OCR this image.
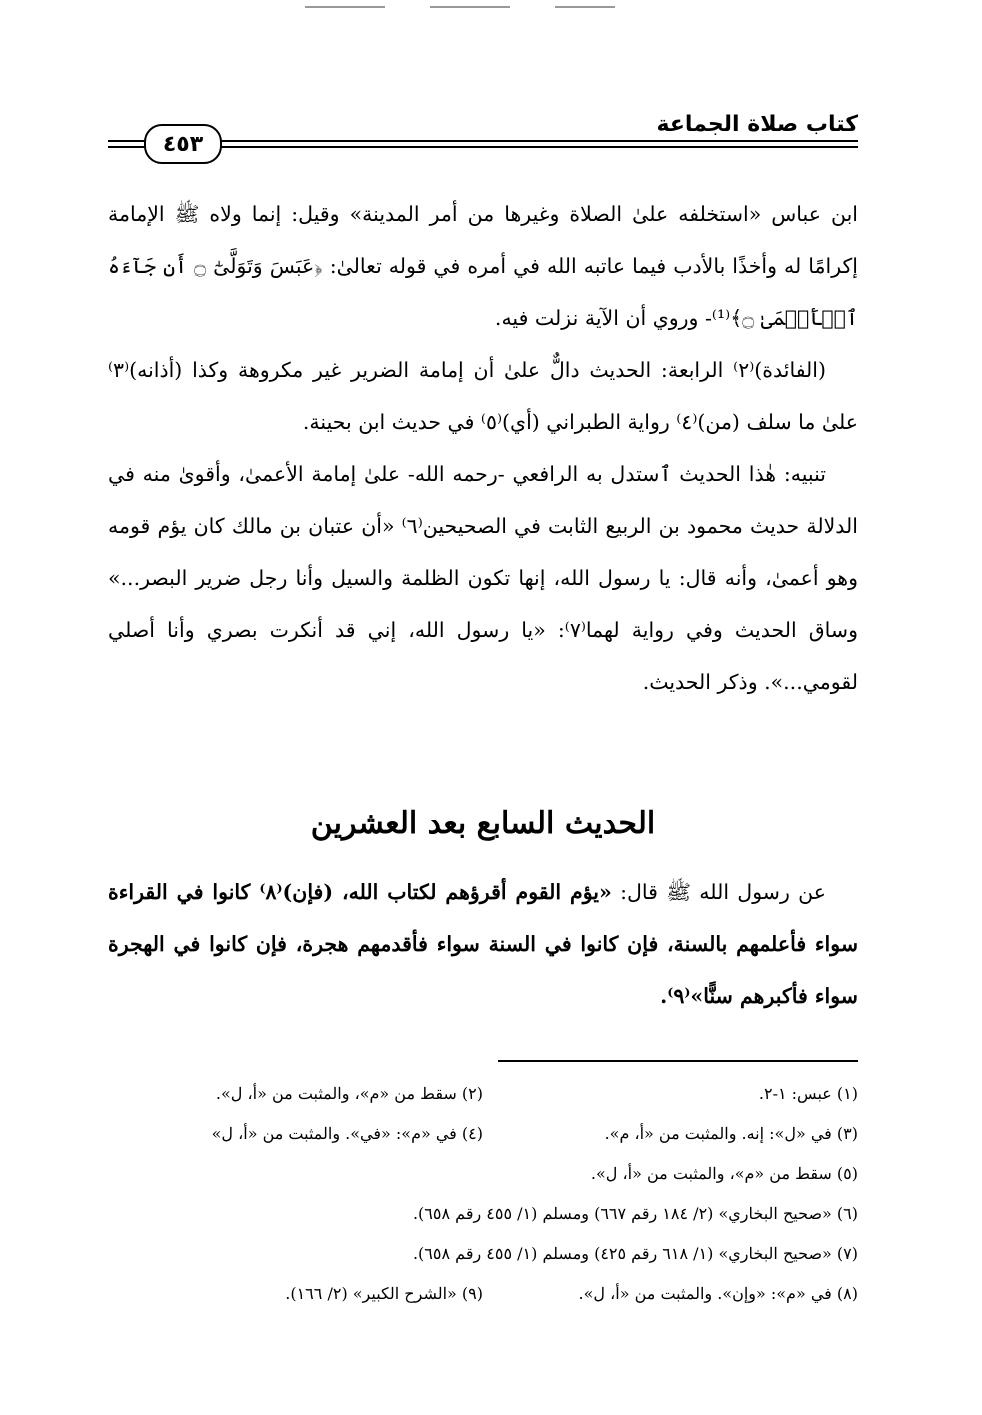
كتاب صلاة الجماعة
٤٥٣

ابن عباس «استخلفه علىٰ الصلاة وغيرها من أمر المدينة» وقيل: إنما ولاه ﷺ الإمامة إكرامًا له وأخذًا بالأدب فيما عاتبه الله في أمره في قوله تعالىٰ: ﴿عَبَسَ وَتَوَلَّىٰٓ ۝ أَن جَآءَهُ ٱلۡأَعۡمَىٰ ۝﴾⁽¹⁾- وروي أن الآية نزلت فيه.

(الفائدة)⁽٢⁾ الرابعة: الحديث دالٌّ علىٰ أن إمامة الضرير غير مكروهة وكذا (أذانه)⁽٣⁾ علىٰ ما سلف (من)⁽٤⁾ رواية الطبراني (أي)⁽٥⁾ في حديث ابن بحينة.

تنبيه: هٰذا الحديث ٱستدل به الرافعي -رحمه الله- علىٰ إمامة الأعمىٰ، وأقوىٰ منه في الدلالة حديث محمود بن الربيع الثابت في الصحيحين⁽٦⁾ «أن عتبان بن مالك كان يؤم قومه وهو أعمىٰ، وأنه قال: يا رسول الله، إنها تكون الظلمة والسيل وأنا رجل ضرير البصر...» وساق الحديث وفي رواية لهما⁽٧⁾: «يا رسول الله، إني قد أنكرت بصري وأنا أصلي لقومي...». وذكر الحديث.

الحديث السابع بعد العشرين
عن رسول الله ﷺ قال: «يؤم القوم أقرؤهم لكتاب الله، (فإن)⁽٨⁾ كانوا في القراءة سواء فأعلمهم بالسنة، فإن كانوا في السنة سواء فأقدمهم هجرة، فإن كانوا في الهجرة سواء فأكبرهم سنًّا»⁽٩⁾.
(١) عبس: ١-٢.
(٢) سقط من «م»، والمثبت من «أ، ل».
(٣) في «ل»: إنه. والمثبت من «أ، م».
(٤) في «م»: «في». والمثبت من «أ، ل»
(٥) سقط من «م»، والمثبت من «أ، ل».
(٦) «صحيح البخاري» (٢/ ١٨٤ رقم ٦٦٧) ومسلم (١/ ٤٥٥ رقم ٦٥٨).
(٧) «صحيح البخاري» (١/ ٦١٨ رقم ٤٢٥) ومسلم (١/ ٤٥٥ رقم ٦٥٨).
(٨) في «م»: «وإن». والمثبت من «أ، ل».
(٩) «الشرح الكبير» (٢/ ١٦٦).
